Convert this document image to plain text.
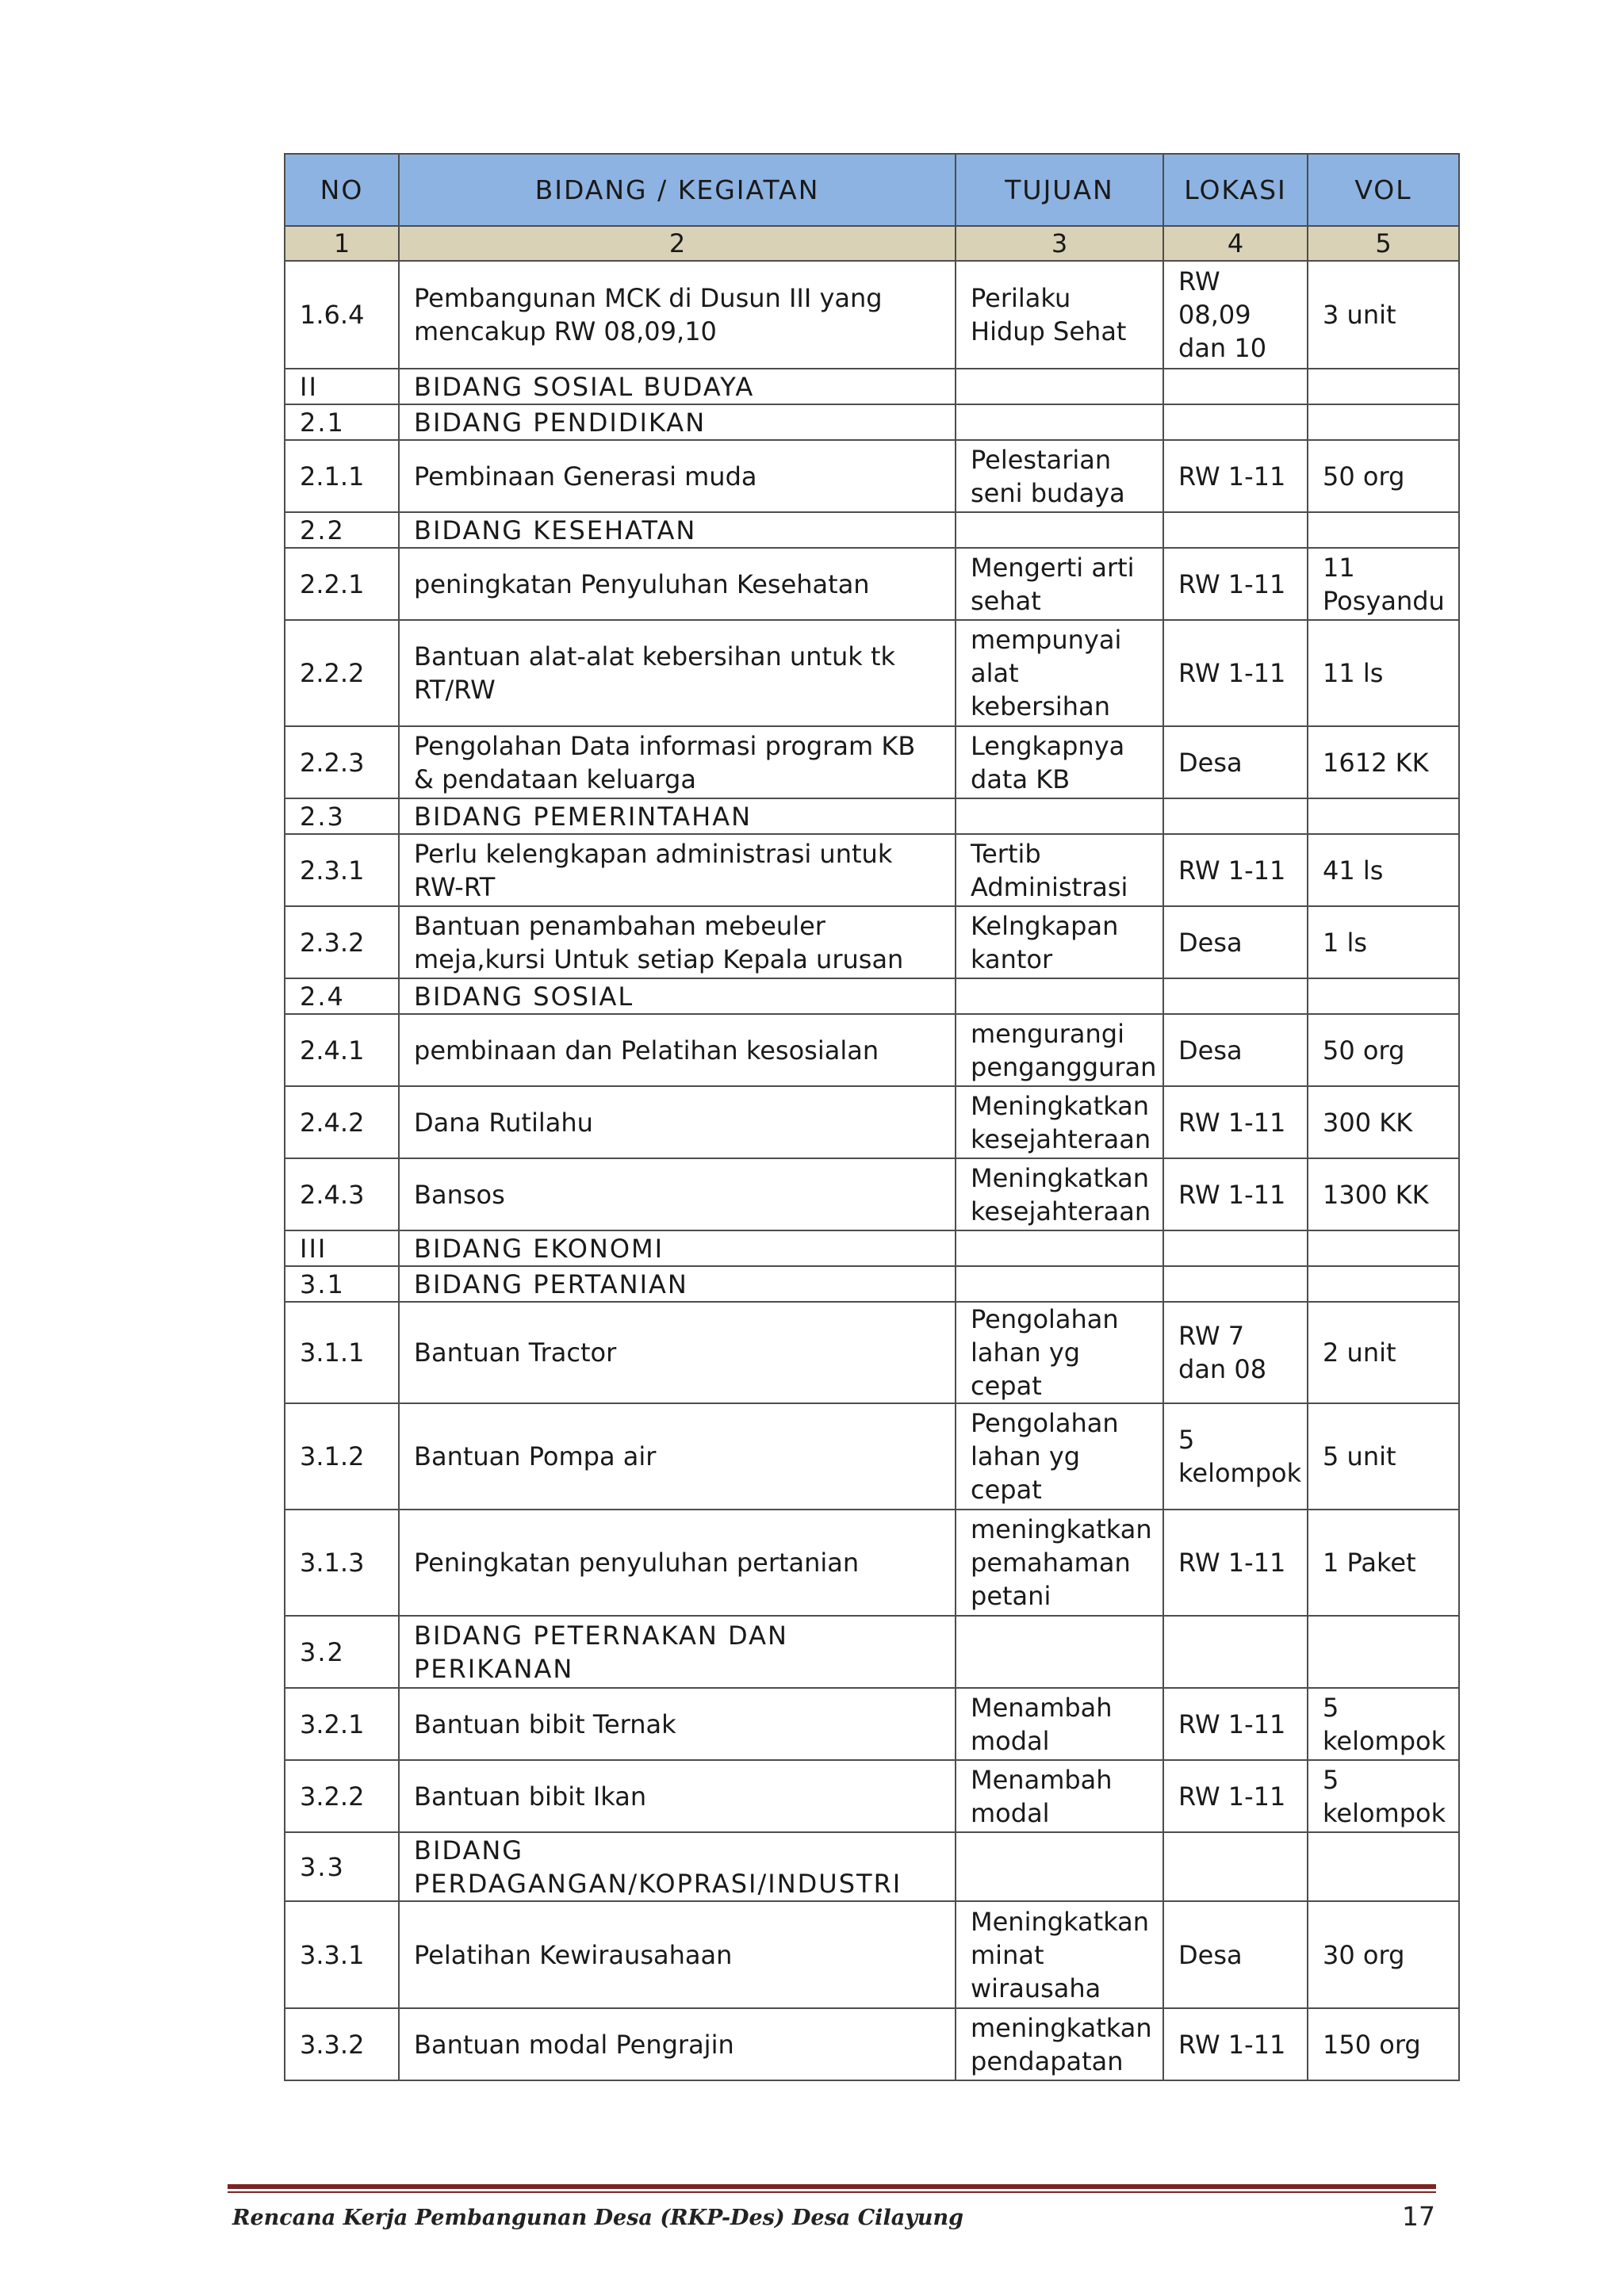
NO	BIDANG / KEGIATAN	TUJUAN	LOKASI	VOL
1	2	3	4	5
1.6.4	Pembangunan MCK di Dusun III yang mencakup RW 08,09,10	Perilaku Hidup Sehat	RW 08,09 dan 10	3 unit
II	BIDANG SOSIAL BUDAYA			
2.1	BIDANG PENDIDIKAN			
2.1.1	Pembinaan Generasi muda	Pelestarian seni budaya	RW 1-11	50 org
2.2	BIDANG KESEHATAN			
2.2.1	peningkatan Penyuluhan Kesehatan	Mengerti arti sehat	RW 1-11	11 Posyandu
2.2.2	Bantuan alat-alat kebersihan untuk tk RT/RW	mempunyai alat kebersihan	RW 1-11	11 ls
2.2.3	Pengolahan Data informasi program KB & pendataan keluarga	Lengkapnya data KB	Desa	1612 KK
2.3	BIDANG PEMERINTAHAN			
2.3.1	Perlu kelengkapan administrasi untuk RW-RT	Tertib Administrasi	RW 1-11	41 ls
2.3.2	Bantuan penambahan mebeuler meja,kursi Untuk setiap Kepala urusan	Kelngkapan kantor	Desa	1 ls
2.4	BIDANG SOSIAL			
2.4.1	pembinaan dan Pelatihan kesosialan	mengurangi pengangguran	Desa	50 org
2.4.2	Dana Rutilahu	Meningkatkan kesejahteraan	RW 1-11	300 KK
2.4.3	Bansos	Meningkatkan kesejahteraan	RW 1-11	1300 KK
III	BIDANG EKONOMI			
3.1	BIDANG PERTANIAN			
3.1.1	Bantuan Tractor	Pengolahan lahan yg cepat	RW 7 dan 08	2 unit
3.1.2	Bantuan Pompa air	Pengolahan lahan yg cepat	5 kelompok	5 unit
3.1.3	Peningkatan penyuluhan pertanian	meningkatkan pemahaman petani	RW 1-11	1 Paket
3.2	BIDANG PETERNAKAN DAN PERIKANAN			
3.2.1	Bantuan bibit Ternak	Menambah modal	RW 1-11	5 kelompok
3.2.2	Bantuan bibit Ikan	Menambah modal	RW 1-11	5 kelompok
3.3	BIDANG PERDAGANGAN/KOPRASI/INDUSTRI			
3.3.1	Pelatihan Kewirausahaan	Meningkatkan minat wirausaha	Desa	30 org
3.3.2	Bantuan modal Pengrajin	meningkatkan pendapatan	RW 1-11	150 org
Rencana Kerja Pembangunan Desa (RKP-Des) Desa Cilayung	17
